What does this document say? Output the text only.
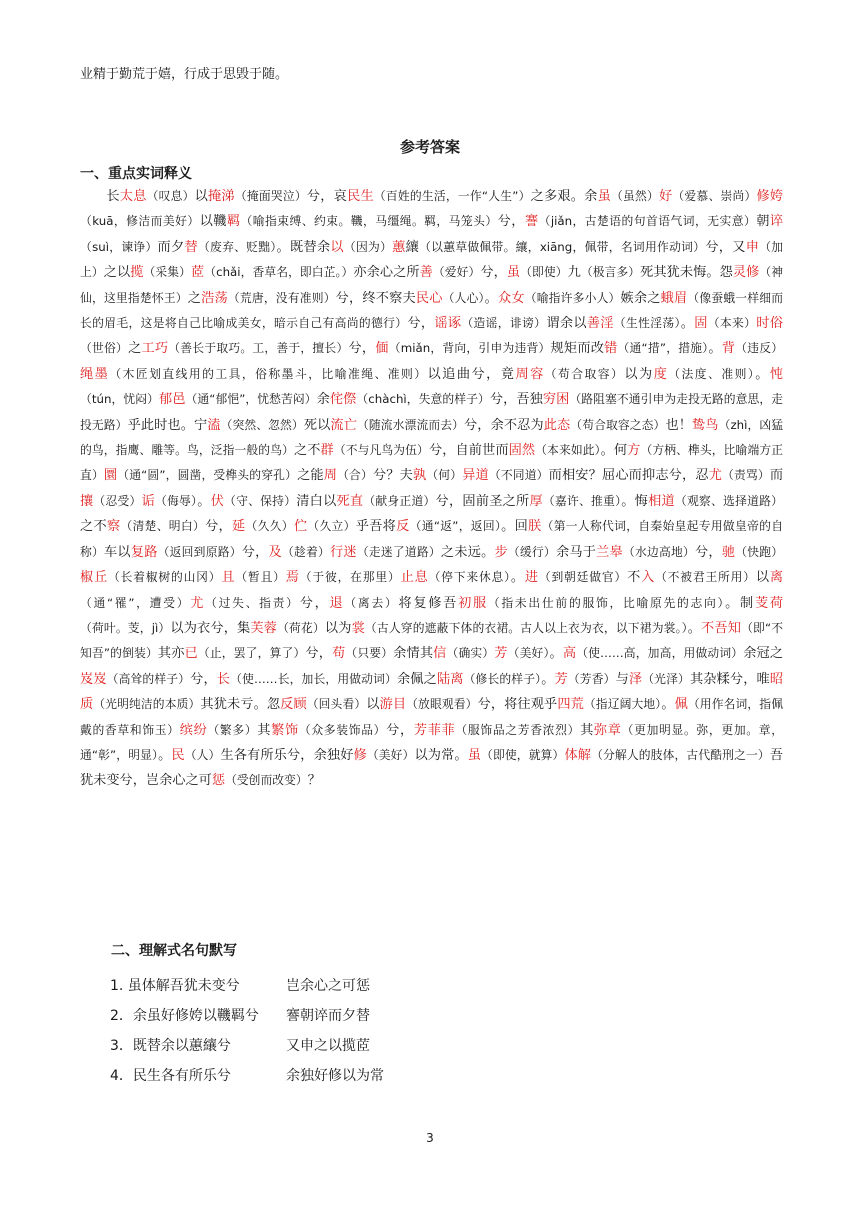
业精于勤荒于嬉，行成于思毁于随。
参考答案
一、重点实词释义
长太息（叹息）以掩涕（掩面哭泣）兮，哀民生（百姓的生活，一作“人生”）之多艰。余虽（虽然）好（爱慕、崇尚）修姱（kuā，修洁而美好）以鞿羁（喻指束缚、约束。鞿，马缰绳。羁，马笼头）兮，謇（jiǎn，古楚语的句首语气词，无实意）朝谇（suì，谏诤）而夕替（废弃、贬黜）。既替余以（因为）蕙纕（以蕙草做佩带。纕，xiāng，佩带，名词用作动词）兮，又申（加上）之以揽（采集）茝（chǎi，香草名，即白芷。）亦余心之所善（爱好）兮，虽（即使）九（极言多）死其犹未悔。怨灵修（神仙，这里指楚怀王）之浩荡（荒唐，没有准则）兮，终不察夫民心（人心）。众女（喻指许多小人）嫉余之蛾眉（像蚕蛾一样细而长的眉毛，这是将自己比喻成美女，暗示自己有高尚的德行）兮，谣诼（造谣，诽谤）谓余以善淫（生性淫荡）。固（本来）时俗（世俗）之工巧（善长于取巧。工，善于，擅长）兮，偭（miǎn，背向，引申为违背）规矩而改错（通“措”，措施）。背（违反）绳墨（木匠划直线用的工具，俗称墨斗，比喻准绳、准则）以追曲兮，竟周容（苟合取容）以为度（法度、准则）。忳（tún，忧闷）郁邑（通“郁悒”，忧愁苦闷）余侘傺（chàchì，失意的样子）兮，吾独穷困（路阻塞不通引申为走投无路的意思，走投无路）乎此时也。宁溘（突然、忽然）死以流亡（随流水漂流而去）兮，余不忍为此态（苟合取容之态）也！鸷鸟（zhì，凶猛的鸟，指鹰、雕等。鸟，泛指一般的鸟）之不群（不与凡鸟为伍）兮，自前世而固然（本来如此）。何方（方柄、榫头，比喻端方正直）圜（通“圆”，圆凿，受榫头的穿孔）之能周（合）兮？夫孰（何）异道（不同道）而相安？屈心而抑志兮，忍尤（责骂）而攘（忍受）诟（侮辱）。伏（守、保持）清白以死直（献身正道）兮，固前圣之所厚（嘉许、推重）。悔相道（观察、选择道路）之不察（清楚、明白）兮，延（久久）伫（久立）乎吾将反（通“返”，返回）。回朕（第一人称代词，自秦始皇起专用做皇帝的自称）车以复路（返回到原路）兮，及（趁着）行迷（走迷了道路）之未远。步（缓行）余马于兰皋（水边高地）兮，驰（快跑）椒丘（长着椒树的山冈）且（暂且）焉（于彼，在那里）止息（停下来休息）。进（到朝廷做官）不入（不被君王所用）以离（通“罹”，遭受）尤（过失、指责）兮，退（离去）将复修吾初服（指未出仕前的服饰，比喻原先的志向）。制芰荷（荷叶。芰，jì）以为衣兮，集芙蓉（荷花）以为裳（古人穿的遮蔽下体的衣裙。古人以上衣为衣，以下裙为裳。）。不吾知（即“不知吾”的倒装）其亦已（止，罢了，算了）兮，苟（只要）余情其信（确实）芳（美好）。高（使……高，加高，用做动词）余冠之岌岌（高耸的样子）兮，长（使……长，加长，用做动词）余佩之陆离（修长的样子）。芳（芳香）与泽（光泽）其杂糅兮，唯昭质（光明纯洁的本质）其犹未亏。忽反顾（回头看）以游目（放眼观看）兮，将往观乎四荒（指辽阔大地）。佩（用作名词，指佩戴的香草和饰玉）缤纷（繁多）其繁饰（众多装饰品）兮，芳菲菲（服饰品之芳香浓烈）其弥章（更加明显。弥，更加。章，通“彰”，明显）。民（人）生各有所乐兮，余独好修（美好）以为常。虽（即使，就算）体解（分解人的肢体，古代酷刑之一）吾犹未变兮，岂余心之可惩（受创而改变）？
二、理解式名句默写
1. 虽体解吾犹未变兮	岂余心之可惩
2．余虽好修姱以鞿羁兮 謇朝谇而夕替
3．既替余以蕙纕兮	又申之以揽茝
4．民生各有所乐兮	余独好修以为常
3
